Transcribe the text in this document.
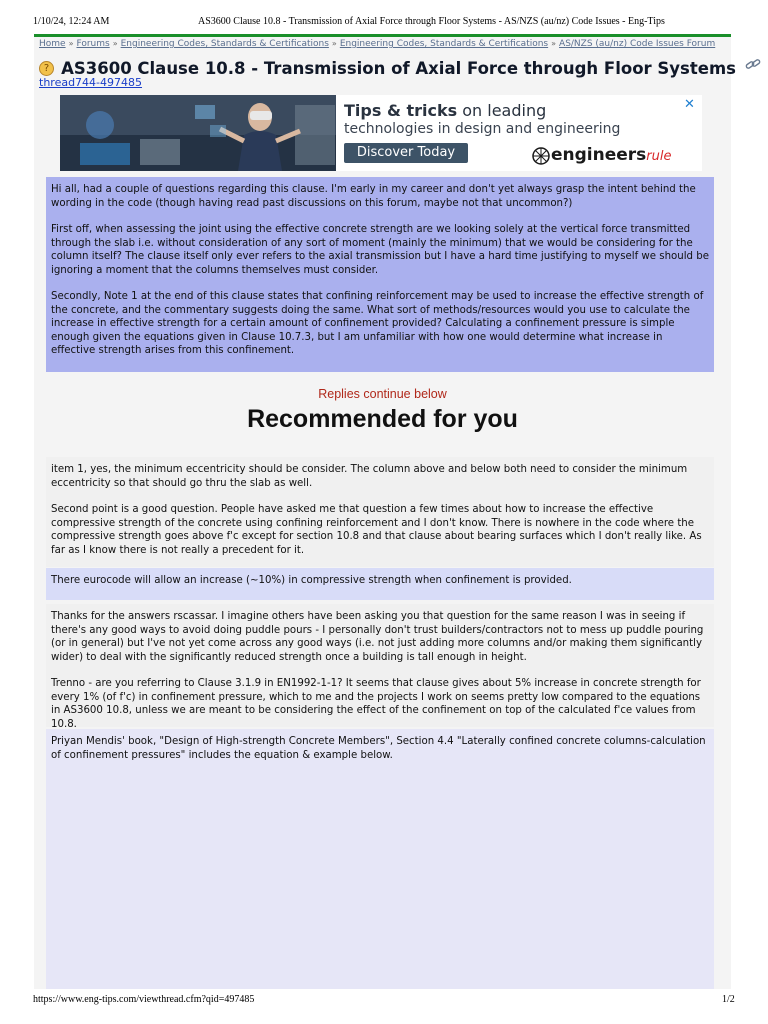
1/10/24, 12:24 AM	AS3600 Clause 10.8 - Transmission of Axial Force through Floor Systems - AS/NZS (au/nz) Code Issues - Eng-Tips
Home » Forums » Engineering Codes, Standards & Certifications » Engineering Codes, Standards & Certifications » AS/NZS (au/nz) Code Issues Forum
? AS3600 Clause 10.8 - Transmission of Axial Force through Floor Systems
thread744-497485
Tips & tricks on leading
technologies in design and engineering
Discover Today	engineersrule
✕

Hi all, had a couple of questions regarding this clause. I'm early in my career and don't yet always grasp the intent behind the wording in the code (though having read past discussions on this forum, maybe not that uncommon?)

First off, when assessing the joint using the effective concrete strength are we looking solely at the vertical force transmitted through the slab i.e. without consideration of any sort of moment (mainly the minimum) that we would be considering for the column itself? The clause itself only ever refers to the axial transmission but I have a hard time justifying to myself we should be ignoring a moment that the columns themselves must consider.

Secondly, Note 1 at the end of this clause states that confining reinforcement may be used to increase the effective strength of the concrete, and the commentary suggests doing the same. What sort of methods/resources would you use to calculate the increase in effective strength for a certain amount of confinement provided? Calculating a confinement pressure is simple enough given the equations given in Clause 10.7.3, but I am unfamiliar with how one would determine what increase in effective strength arises from this confinement.

Replies continue below
Recommended for you

item 1, yes, the minimum eccentricity should be consider. The column above and below both need to consider the minimum eccentricity so that should go thru the slab as well.

Second point is a good question. People have asked me that question a few times about how to increase the effective compressive strength of the concrete using confining reinforcement and I don't know. There is nowhere in the code where the compressive strength goes above f'c except for section 10.8 and that clause about bearing surfaces which I don't really like. As far as I know there is not really a precedent for it.

There eurocode will allow an increase (~10%) in compressive strength when confinement is provided.

Thanks for the answers rscassar. I imagine others have been asking you that question for the same reason I was in seeing if there's any good ways to avoid doing puddle pours - I personally don't trust builders/contractors not to mess up puddle pouring (or in general) but I've not yet come across any good ways (i.e. not just adding more columns and/or making them significantly wider) to deal with the significantly reduced strength once a building is tall enough in height.

Trenno - are you referring to Clause 3.1.9 in EN1992-1-1? It seems that clause gives about 5% increase in concrete strength for every 1% (of f'c) in confinement pressure, which to me and the projects I work on seems pretty low compared to the equations in AS3600 10.8, unless we are meant to be considering the effect of the confinement on top of the calculated f'ce values from 10.8.

Priyan Mendis' book, "Design of High-strength Concrete Members", Section 4.4 "Laterally confined concrete columns-calculation of confinement pressures" includes the equation & example below.

https://www.eng-tips.com/viewthread.cfm?qid=497485	1/2
